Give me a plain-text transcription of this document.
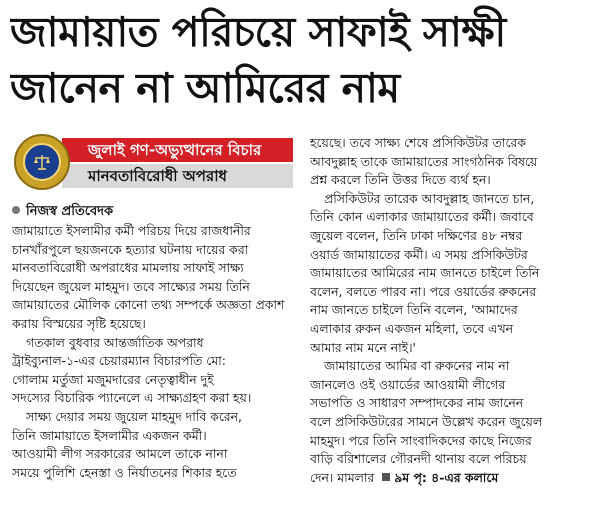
জামায়াত পরিচয়ে সাফাই সাক্ষী
জানেন না আমিরের নাম
জুলাই গণ-অভ্যুত্থানের বিচার
মানবতাবিরোধী অপরাধ
নিজস্ব প্রতিবেদক

জামায়াতে ইসলামীর কর্মী পরিচয় দিয়ে রাজধানীর
চানখাঁরপুলে ছয়জনকে হত্যার ঘটনায় দায়ের করা
মানবতাবিরোধী অপরাধের মামলায় সাফাই সাক্ষ্য
দিয়েছেন জুয়েল মাহমুদ। তবে সাক্ষ্যের সময় তিনি
জামায়াতের মৌলিক কোনো তথ্য সম্পর্কে অজ্ঞতা প্রকাশ
করায় বিস্ময়ের সৃষ্টি হয়েছে।

গতকাল বুধবার আন্তর্জাতিক অপরাধ
ট্রাইব্যুনাল-১-এর চেয়ারম্যান বিচারপতি মো:
গোলাম মর্তুজা মজুমদারের নেতৃত্বাধীন দুই
সদস্যের বিচারিক প্যানেলে এ সাক্ষ্যগ্রহণ করা হয়।

সাক্ষ্য দেয়ার সময় জুয়েল মাহমুদ দাবি করেন,
তিনি জামায়াতে ইসলামীর একজন কর্মী।
আওয়ামী লীগ সরকারের আমলে তাকে নানা
সময়ে পুলিশি হেনস্তা ও নির্যাতনের শিকার হতে

হয়েছে। তবে সাক্ষ্য শেষে প্রসিকিউটর তারেক
আবদুল্লাহ তাকে জামায়াতের সাংগঠনিক বিষয়ে
প্রশ্ন করলে তিনি উত্তর দিতে ব্যর্থ হন।

প্রসিকিউটর তারেক আবদুল্লাহ জানতে চান,
তিনি কোন এলাকার জামায়াতের কর্মী। জবাবে
জুয়েল বলেন, তিনি ঢাকা দক্ষিণের ৪৮ নম্বর
ওয়ার্ড জামায়াতের কর্মী। এ সময় প্রসিকিউটর
জামায়াতের আমিরের নাম জানতে চাইলে তিনি
বলেন, বলতে পারব না। পরে ওয়ার্ডের রুকনের
নাম জানতে চাইলে তিনি বলেন, 'আমাদের
এলাকার রুকন একজন মহিলা, তবে এখন
আমার নাম মনে নাই।'

জামায়াতের আমির বা রুকনের নাম না
জানলেও ওই ওয়ার্ডের আওয়ামী লীগের
সভাপতি ও সাধারণ সম্পাদকের নাম জানেন
বলে প্রসিকিউটরের সামনে উল্লেখ করেন জুয়েল
মাহমুদ। পরে তিনি সাংবাদিকদের কাছে নিজের
বাড়ি বরিশালের গৌরনদী থানায় বলে পরিচয়
দেন। মামলার ৯ম পৃ: ৪-এর কলামে
